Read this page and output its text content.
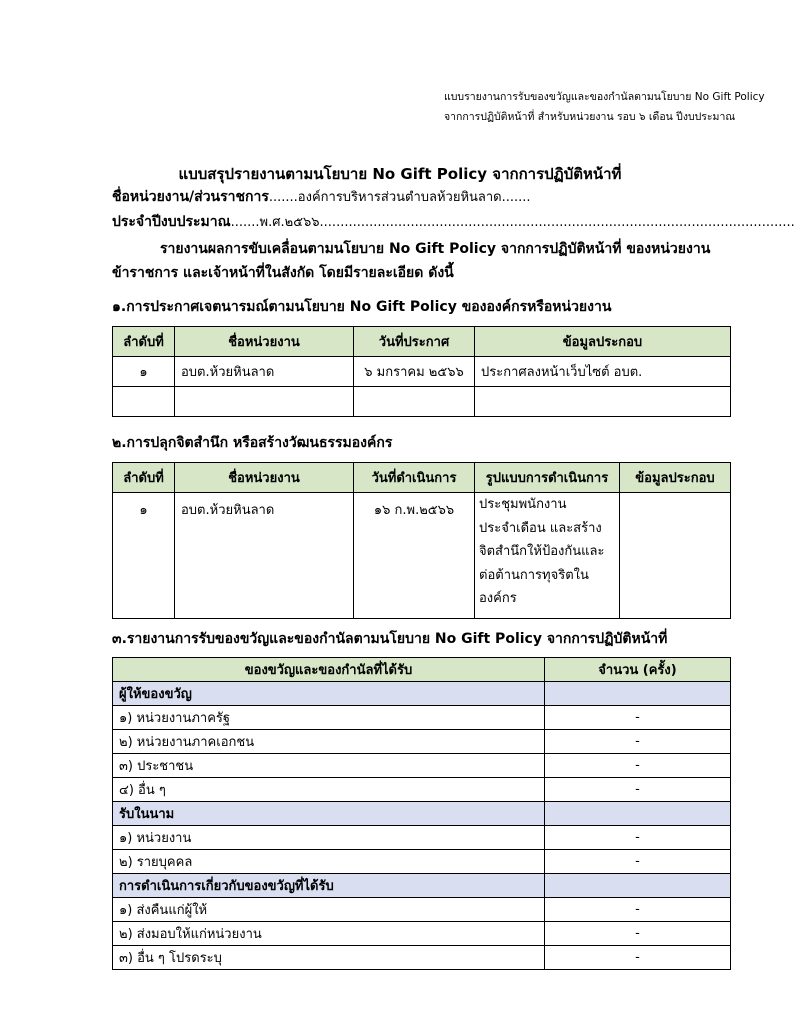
แบบรายงานการรับของขวัญและของกำนัลตามนโยบาย No Gift Policy
จากการปฏิบัติหน้าที่ สำหรับหน่วยงาน รอบ ๖ เดือน ปีงบประมาณ
แบบสรุปรายงานตามนโยบาย No Gift Policy จากการปฏิบัติหน้าที่
ชื่อหน่วยงาน/ส่วนราชการ.......องค์การบริหารส่วนตำบลห้วยหินลาด.......
ประจำปีงบประมาณ.......พ.ศ.๒๕๖๖...................................................................................................................
รายงานผลการขับเคลื่อนตามนโยบาย No Gift Policy จากการปฏิบัติหน้าที่ ของหน่วยงาน
ข้าราชการ และเจ้าหน้าที่ในสังกัด โดยมีรายละเอียด ดังนี้
๑.การประกาศเจตนารมณ์ตามนโยบาย No Gift Policy ขององค์กรหรือหน่วยงาน
ลำดับที่	ชื่อหน่วยงาน	วันที่ประกาศ	ข้อมูลประกอบ
๑	อบต.ห้วยหินลาด	๖ มกราคม ๒๕๖๖	ประกาศลงหน้าเว็บไซต์ อบต.

๒.การปลุกจิตสำนึก หรือสร้างวัฒนธรรมองค์กร
ลำดับที่	ชื่อหน่วยงาน	วันที่ดำเนินการ	รูปแบบการดำเนินการ	ข้อมูลประกอบ
๑	อบต.ห้วยหินลาด	๑๖ ก.พ.๒๕๖๖	ประชุมพนักงาน
ประจำเดือน และสร้าง
จิตสำนึกให้ป้องกันและ
ต่อต้านการทุจริตใน
องค์กร	
๓.รายงานการรับของขวัญและของกำนัลตามนโยบาย No Gift Policy จากการปฏิบัติหน้าที่
ของขวัญและของกำนัลที่ได้รับ	จำนวน (ครั้ง)
ผู้ให้ของขวัญ	
๑) หน่วยงานภาครัฐ	-
๒) หน่วยงานภาคเอกชน	-
๓) ประชาชน	-
๔) อื่น ๆ	-
รับในนาม	
๑) หน่วยงาน	-
๒) รายบุคคล	-
การดำเนินการเกี่ยวกับของขวัญที่ได้รับ	
๑) ส่งคืนแก่ผู้ให้	-
๒) ส่งมอบให้แก่หน่วยงาน	-
๓) อื่น ๆ โปรดระบุ	-
